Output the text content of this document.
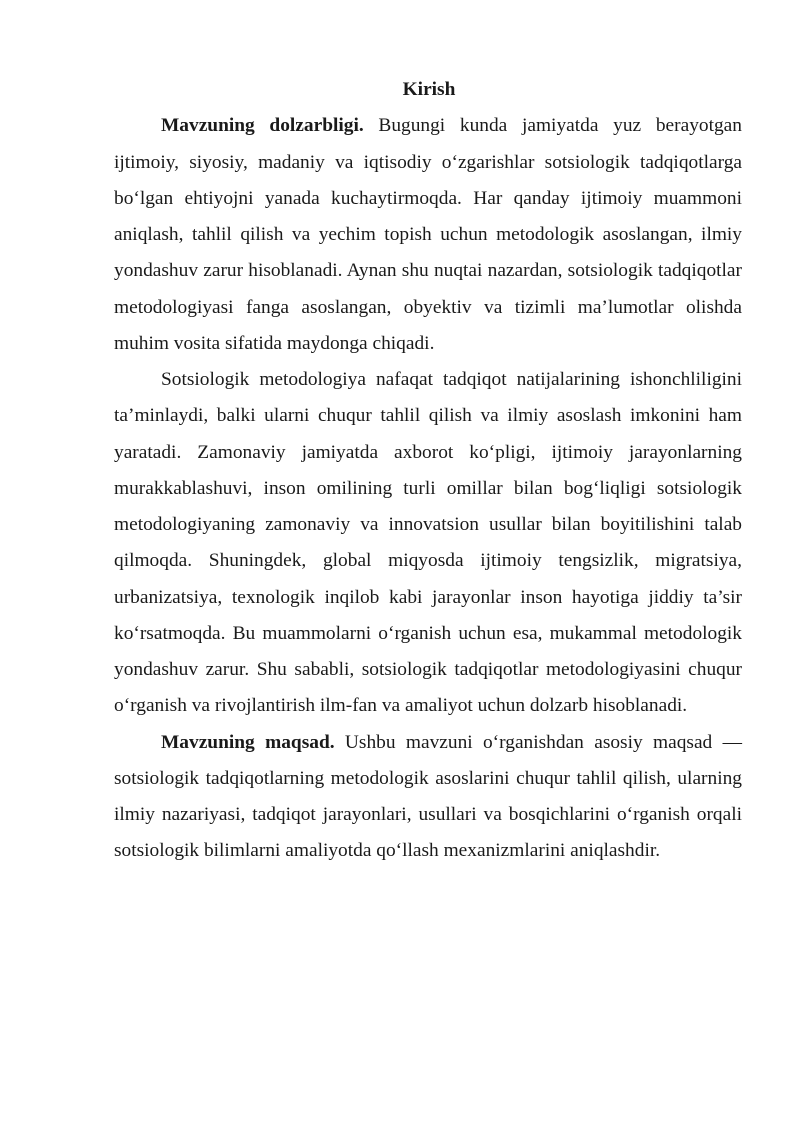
Kirish

Mavzuning dolzarbligi. Bugungi kunda jamiyatda yuz berayotgan ijtimoiy, siyosiy, madaniy va iqtisodiy o‘zgarishlar sotsiologik tadqiqotlarga bo‘lgan ehtiyojni yanada kuchaytirmoqda. Har qanday ijtimoiy muammoni aniqlash, tahlil qilish va yechim topish uchun metodologik asoslangan, ilmiy yondashuv zarur hisoblanadi. Aynan shu nuqtai nazardan, sotsiologik tadqiqotlar metodologiyasi fanga asoslangan, obyektiv va tizimli ma’lumotlar olishda muhim vosita sifatida maydonga chiqadi.

Sotsiologik metodologiya nafaqat tadqiqot natijalarining ishonchliligini ta’minlaydi, balki ularni chuqur tahlil qilish va ilmiy asoslash imkonini ham yaratadi. Zamonaviy jamiyatda axborot ko‘pligi, ijtimoiy jarayonlarning murakkablashuvi, inson omilining turli omillar bilan bog‘liqligi sotsiologik metodologiyaning zamonaviy va innovatsion usullar bilan boyitilishini talab qilmoqda. Shuningdek, global miqyosda ijtimoiy tengsizlik, migratsiya, urbanizatsiya, texnologik inqilob kabi jarayonlar inson hayotiga jiddiy ta’sir ko‘rsatmoqda. Bu muammolarni o‘rganish uchun esa, mukammal metodologik yondashuv zarur. Shu sababli, sotsiologik tadqiqotlar metodologiyasini chuqur o‘rganish va rivojlantirish ilm-fan va amaliyot uchun dolzarb hisoblanadi.

Mavzuning maqsad. Ushbu mavzuni o‘rganishdan asosiy maqsad — sotsiologik tadqiqotlarning metodologik asoslarini chuqur tahlil qilish, ularning ilmiy nazariyasi, tadqiqot jarayonlari, usullari va bosqichlarini o‘rganish orqali sotsiologik bilimlarni amaliyotda qo‘llash mexanizmlarini aniqlashdir.
